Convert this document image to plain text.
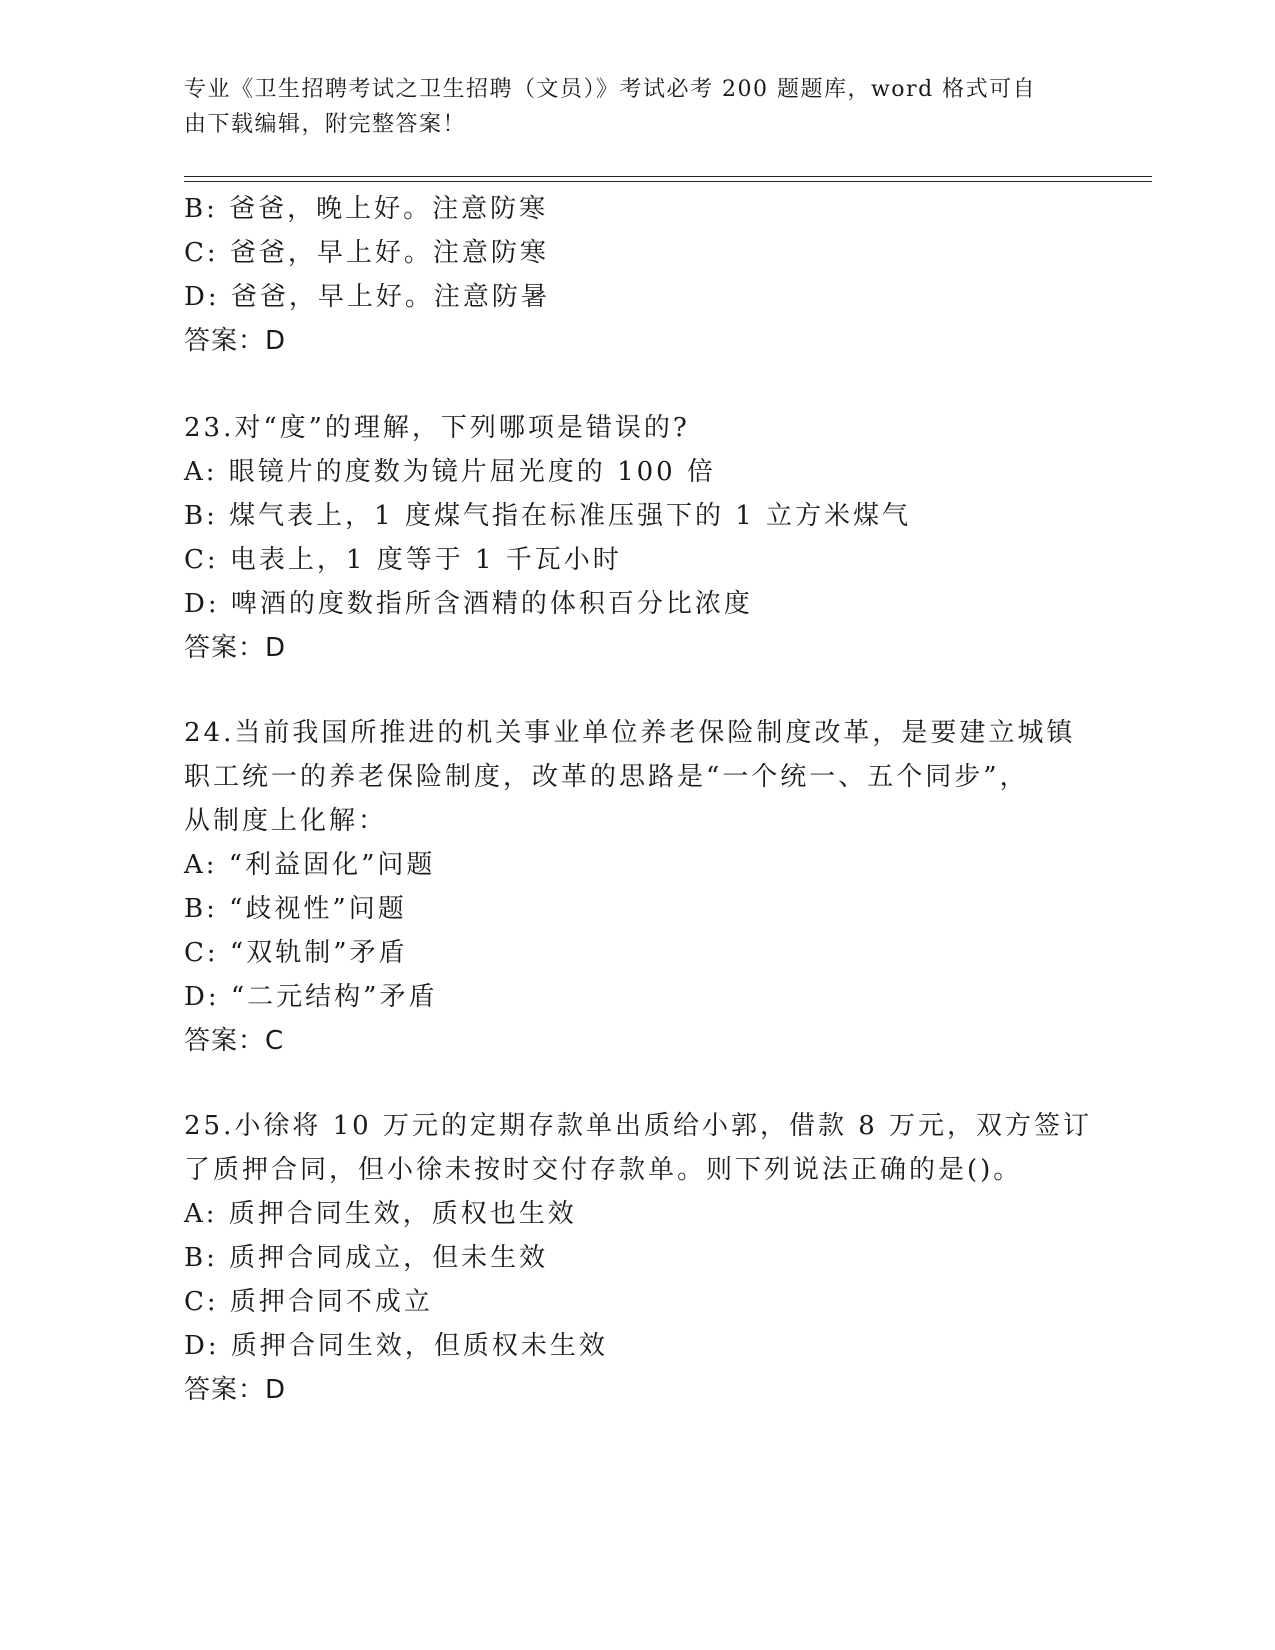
专业《卫生招聘考试之卫生招聘（文员）》考试必考 200 题题库，word 格式可自
由下载编辑，附完整答案！
B: 爸爸，晚上好。注意防寒
C: 爸爸，早上好。注意防寒
D: 爸爸，早上好。注意防暑
答案：D
23.对“度”的理解，下列哪项是错误的?
A: 眼镜片的度数为镜片屈光度的 100 倍
B: 煤气表上，1 度煤气指在标准压强下的 1 立方米煤气
C: 电表上，1 度等于 1 千瓦小时
D: 啤酒的度数指所含酒精的体积百分比浓度
答案：D
24.当前我国所推进的机关事业单位养老保险制度改革，是要建立城镇
职工统一的养老保险制度，改革的思路是“一个统一、五个同步”，
从制度上化解：
A: “利益固化”问题
B: “歧视性”问题
C: “双轨制”矛盾
D: “二元结构”矛盾
答案：C
25.小徐将 10 万元的定期存款单出质给小郭，借款 8 万元，双方签订
了质押合同，但小徐未按时交付存款单。则下列说法正确的是()。
A: 质押合同生效，质权也生效
B: 质押合同成立，但未生效
C: 质押合同不成立
D: 质押合同生效，但质权未生效
答案：D
